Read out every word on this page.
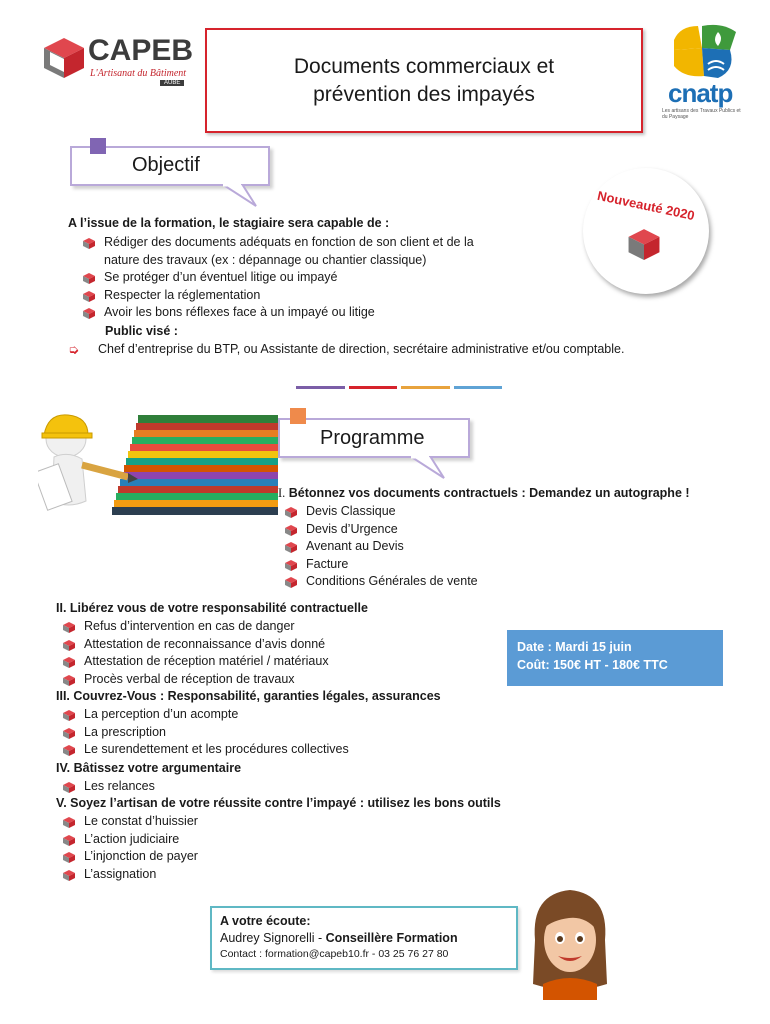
CAPEB
L'Artisanat du Bâtiment
AUBE
Documents commerciaux et prévention des impayés	cnatp
Les artisans des Travaux Publics et du Paysage
Objectif
Nouveauté 2020
A l’issue de la formation, le stagiaire sera capable de :
Rédiger des documents adéquats en fonction de son client et de la
nature des travaux (ex : dépannage ou chantier classique)
Se protéger d’un éventuel litige ou impayé
Respecter la réglementation
Avoir les bons réflexes face à un impayé ou litige
Public visé :
➭ Chef d’entreprise du BTP, ou Assistante de direction, secrétaire administrative et/ou comptable.
Programme
I. Bétonnez vos documents contractuels : Demandez un autographe !
Devis Classique
Devis d’Urgence
Avenant au Devis
Facture
Conditions Générales de vente
II. Libérez vous de votre responsabilité contractuelle
Refus d’intervention en cas de danger
Attestation de reconnaissance d’avis donné
Attestation de réception matériel / matériaux
Procès verbal de réception de travaux
Date : Mardi 15 juin
Coût: 150€ HT - 180€ TTC
III. Couvrez-Vous : Responsabilité, garanties légales, assurances
La perception d’un acompte
La prescription
Le surendettement et les procédures collectives
IV. Bâtissez votre argumentaire
Les relances
V. Soyez l’artisan de votre réussite contre l’impayé : utilisez les bons outils
Le constat d’huissier
L’action judiciaire
L’injonction de payer
L’assignation
A votre écoute:
Audrey Signorelli - Conseillère Formation
Contact : formation@capeb10.fr - 03 25 76 27 80
